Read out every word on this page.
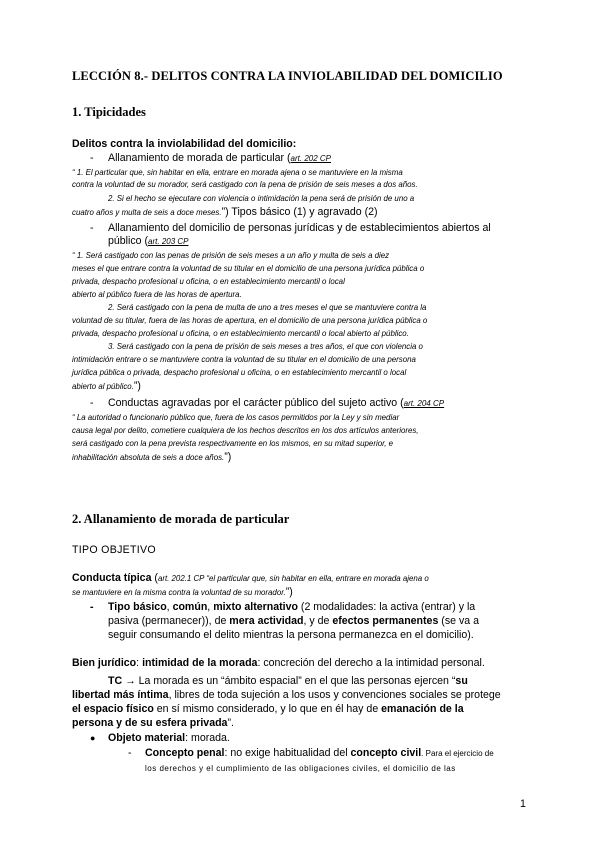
LECCIÓN 8.- DELITOS CONTRA LA INVIOLABILIDAD DEL DOMICILIO
1. Tipicidades
Delitos contra la inviolabilidad del domicilio:
- Allanamiento de morada de particular (art. 202 CP
“ 1. El particular que, sin habitar en ella, entrare en morada ajena o se mantuviere en la misma
contra la voluntad de su morador, será castigado con la pena de prisión de seis meses a dos años.
2. Si el hecho se ejecutare con violencia o intimidación la pena será de prisión de uno a
cuatro años y multa de seis a doce meses.”) Tipos básico (1) y agravado (2)
- Allanamiento del domicilio de personas jurídicas y de establecimientos abiertos al
público (art. 203 CP
“ 1. Será castigado con las penas de prisión de seis meses a un año y multa de seis a diez
meses el que entrare contra la voluntad de su titular en el domicilio de una persona jurídica pública o
privada, despacho profesional u oficina, o en establecimiento mercantil o local
abierto al público fuera de las horas de apertura.
2. Será castigado con la pena de multa de uno a tres meses el que se mantuviere contra la
voluntad de su titular, fuera de las horas de apertura, en el domicilio de una persona jurídica pública o
privada, despacho profesional u oficina, o en establecimiento mercantil o local abierto al público.
3. Será castigado con la pena de prisión de seis meses a tres años, el que con violencia o
intimidación entrare o se mantuviere contra la voluntad de su titular en el domicilio de una persona
jurídica pública o privada, despacho profesional u oficina, o en establecimiento mercantil o local
abierto al público.”)
- Conductas agravadas por el carácter público del sujeto activo (art. 204 CP
“ La autoridad o funcionario público que, fuera de los casos permitidos por la Ley y sin mediar
causa legal por delito, cometiere cualquiera de los hechos descritos en los dos artículos anteriores,
será castigado con la pena prevista respectivamente en los mismos, en su mitad superior, e
inhabilitación absoluta de seis a doce años.”)
2. Allanamiento de morada de particular
TIPO OBJETIVO
Conducta típica (art. 202.1 CP “el particular que, sin habitar en ella, entrare en morada ajena o
se mantuviere en la misma contra la voluntad de su morador.”)
- Tipo básico, común, mixto alternativo (2 modalidades: la activa (entrar) y la
pasiva (permanecer)), de mera actividad, y de efectos permanentes (se va a
seguir consumando el delito mientras la persona permanezca en el domicilio).
Bien jurídico: intimidad de la morada: concreción del derecho a la intimidad personal.
TC → La morada es un “ámbito espacial” en el que las personas ejercen “su
libertad más íntima, libres de toda sujeción a los usos y convenciones sociales se protege
el espacio físico en sí mismo considerado, y lo que en él hay de emanación de la
persona y de su esfera privada”.
● Objeto material: morada.
- Concepto penal: no exige habitualidad del concepto civil. Para el ejercicio de
los derechos y el cumplimiento de las obligaciones civiles, el domicilio de las
1
